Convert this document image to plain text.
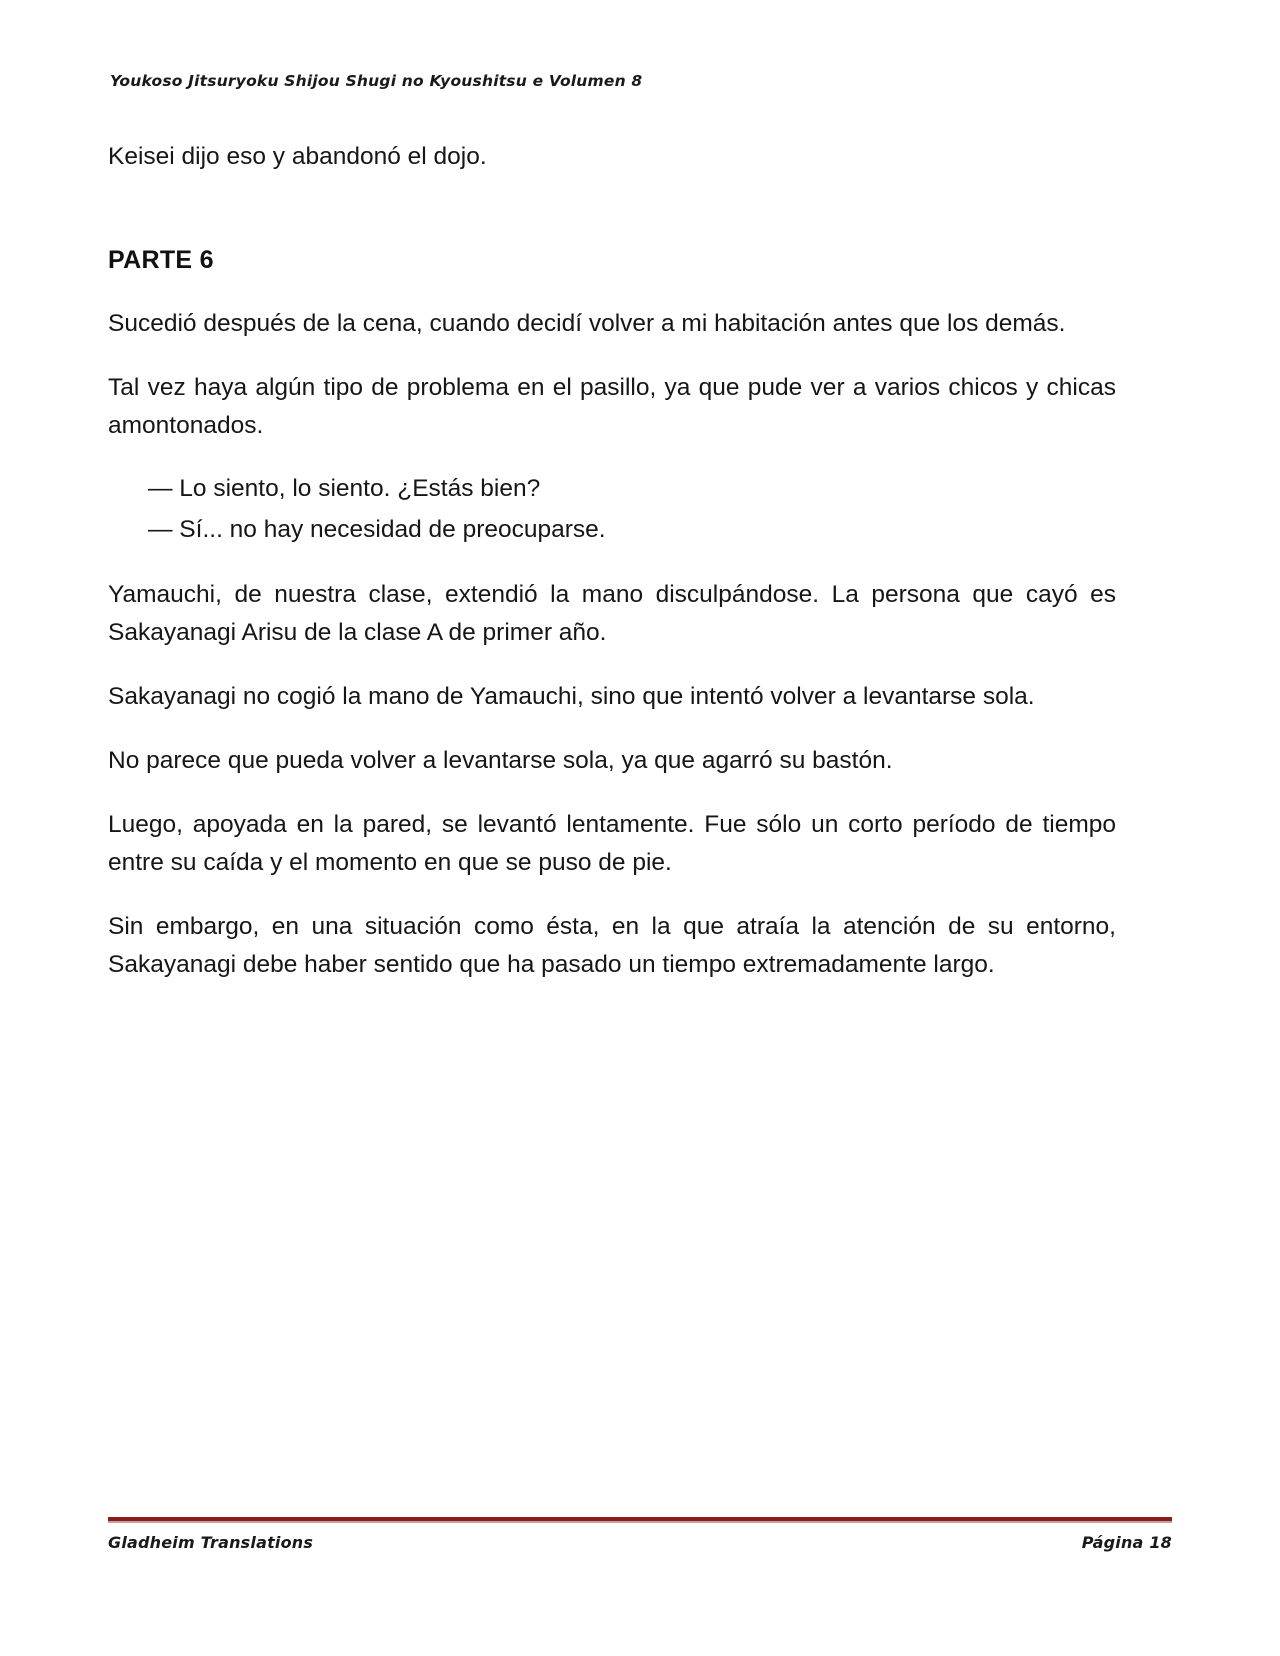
Youkoso Jitsuryoku Shijou Shugi no Kyoushitsu e Volumen 8

Keisei dijo eso y abandonó el dojo.

PARTE 6

Sucedió después de la cena, cuando decidí volver a mi habitación antes que los demás.

Tal vez haya algún tipo de problema en el pasillo, ya que pude ver a varios chicos y chicas amontonados.

— Lo siento, lo siento. ¿Estás bien?
— Sí... no hay necesidad de preocuparse.

Yamauchi, de nuestra clase, extendió la mano disculpándose. La persona que cayó es Sakayanagi Arisu de la clase A de primer año.

Sakayanagi no cogió la mano de Yamauchi, sino que intentó volver a levantarse sola.

No parece que pueda volver a levantarse sola, ya que agarró su bastón.

Luego, apoyada en la pared, se levantó lentamente. Fue sólo un corto período de tiempo entre su caída y el momento en que se puso de pie.

Sin embargo, en una situación como ésta, en la que atraía la atención de su entorno, Sakayanagi debe haber sentido que ha pasado un tiempo extremadamente largo.

Gladheim Translations	Página 18
